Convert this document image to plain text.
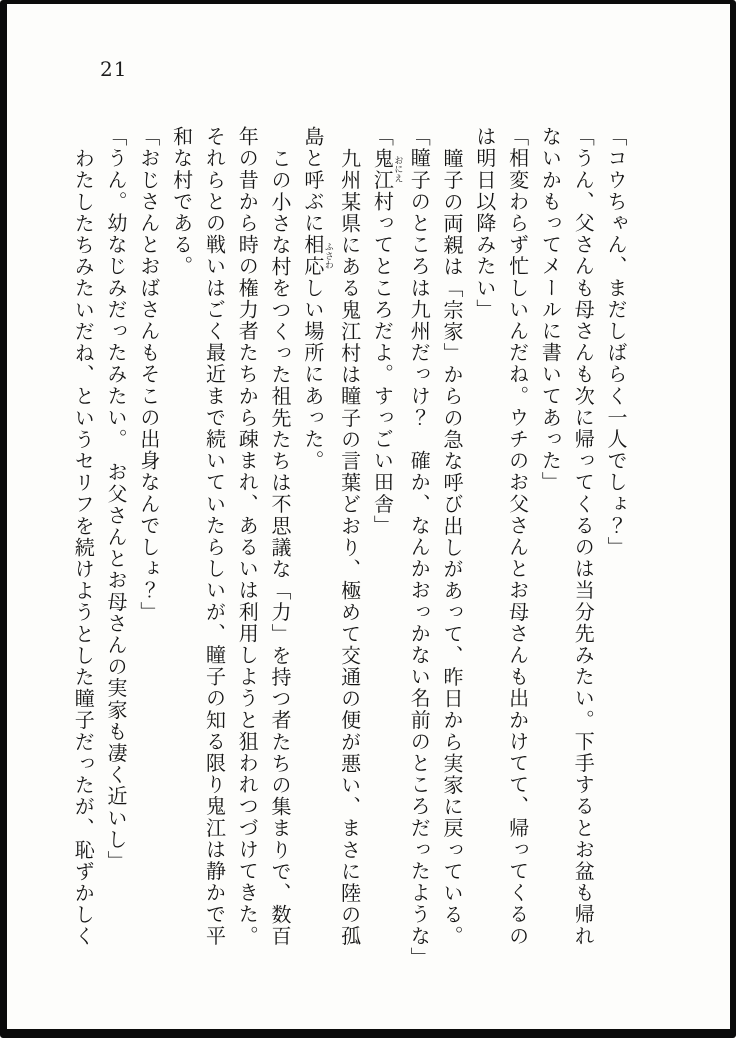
21
「コウちゃん、まだしばらく一人でしょ？」
「うん、父さんも母さんも次に帰ってくるのは当分先みたい。下手するとお盆も帰れ
ないかもってメールに書いてあった」
「相変わらず忙しいんだね。ウチのお父さんとお母さんも出かけてて、帰ってくるの
は明日以降みたい」
瞳子の両親は「宗家」からの急な呼び出しがあって、昨日から実家に戻っている。
「瞳子のところは九州だっけ？　確か、なんかおっかない名前のところだったような」
「鬼江おにえ村ってところだよ。すっごい田舎」
九州某県にある鬼江村は瞳子の言葉どおり、極めて交通の便が悪い、まさに陸の孤
島と呼ぶに相応ふさわしい場所にあった。
この小さな村をつくった祖先たちは不思議な「力」を持つ者たちの集まりで、数百
年の昔から時の権力者たちから疎まれ、あるいは利用しようと狙われつづけてきた。
それらとの戦いはごく最近まで続いていたらしいが、瞳子の知る限り鬼江は静かで平
和な村である。
「おじさんとおばさんもそこの出身なんでしょ？」
「うん。幼なじみだったみたい。　お父さんとお母さんの実家も凄く近いし」
わたしたちみたいだね、というセリフを続けようとした瞳子だったが、恥ずかしく
